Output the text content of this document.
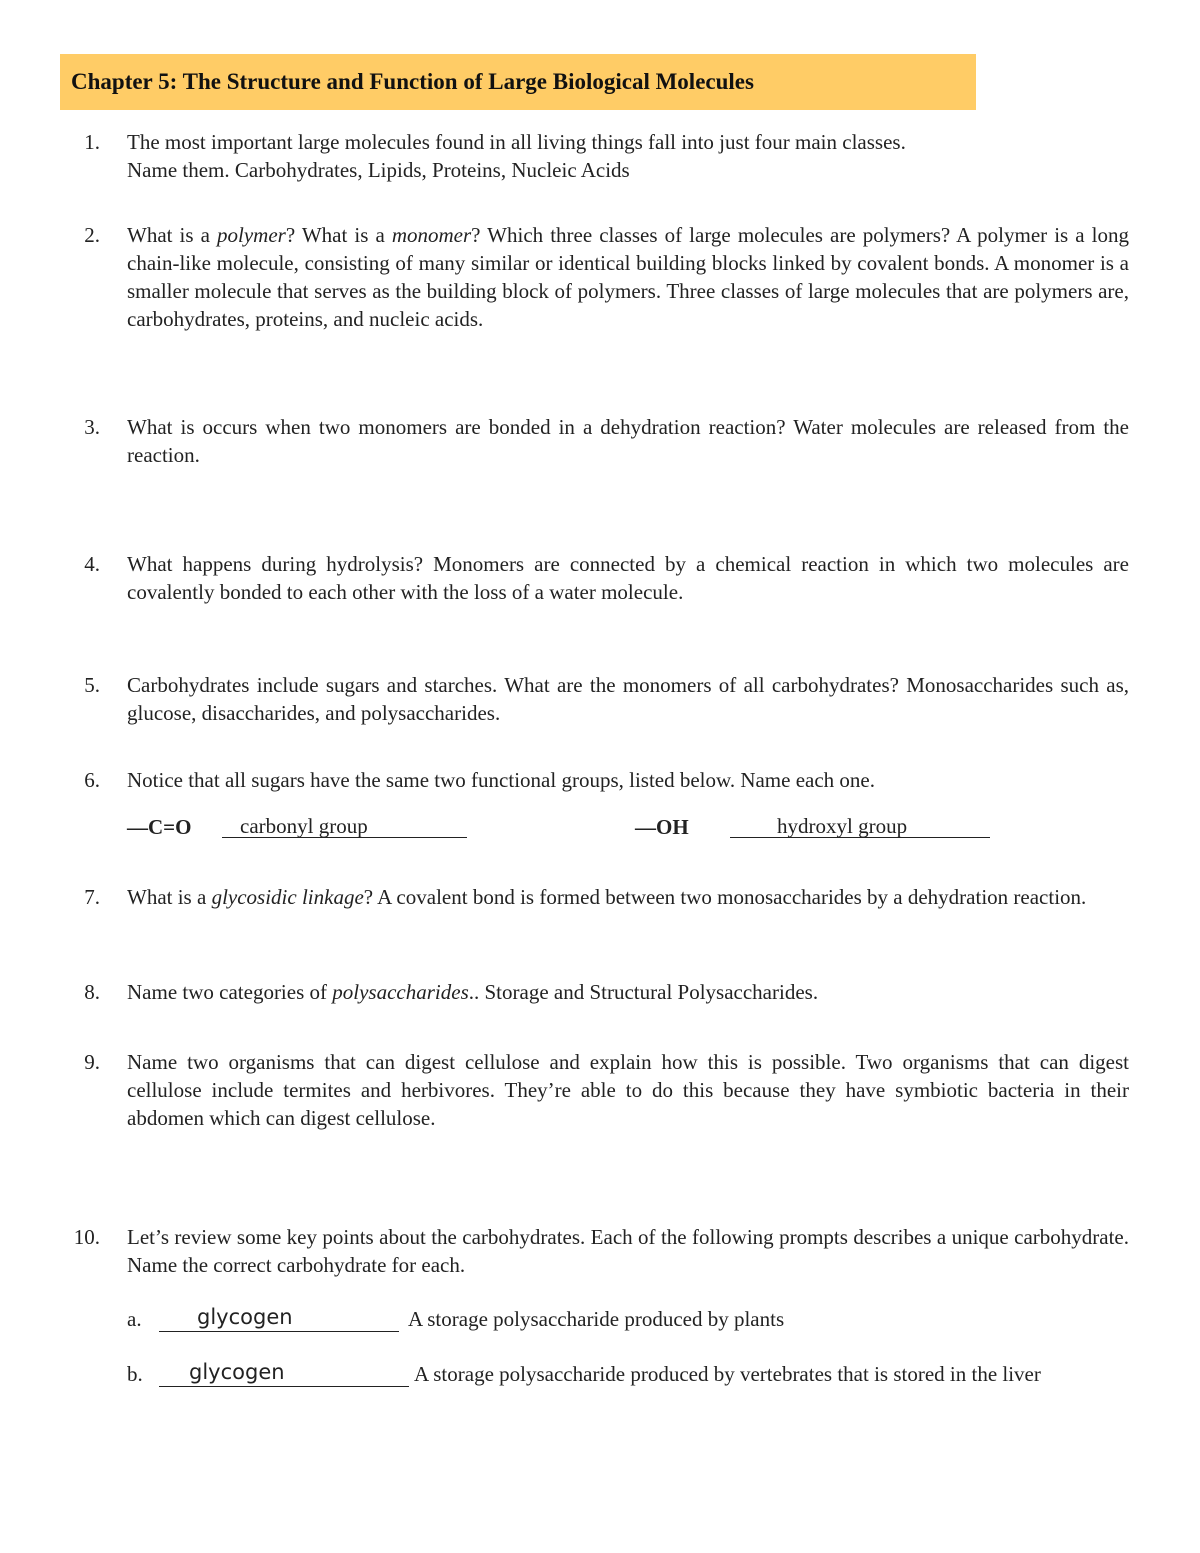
Chapter 5: The Structure and Function of Large Biological Molecules
1. The most important large molecules found in all living things fall into just four main classes. Name them. Carbohydrates, Lipids, Proteins, Nucleic Acids
2. What is a polymer? What is a monomer? Which three classes of large molecules are polymers? A polymer is a long chain-like molecule, consisting of many similar or identical building blocks linked by covalent bonds. A monomer is a smaller molecule that serves as the building block of polymers. Three classes of large molecules that are polymers are, carbohydrates, proteins, and nucleic acids.
3. What is occurs when two monomers are bonded in a dehydration reaction? Water molecules are released from the reaction.
4. What happens during hydrolysis? Monomers are connected by a chemical reaction in which two molecules are covalently bonded to each other with the loss of a water molecule.
5. Carbohydrates include sugars and starches. What are the monomers of all carbohydrates? Monosaccharides such as, glucose, disaccharides, and polysaccharides.
6. Notice that all sugars have the same two functional groups, listed below. Name each one.
—C=O	carbonyl group	—OH	hydroxyl group
7. What is a glycosidic linkage? A covalent bond is formed between two monosaccharides by a dehydration reaction.
8. Name two categories of polysaccharides.. Storage and Structural Polysaccharides.
9. Name two organisms that can digest cellulose and explain how this is possible. Two organisms that can digest cellulose include termites and herbivores. They’re able to do this because they have symbiotic bacteria in their abdomen which can digest cellulose.
10. Let’s review some key points about the carbohydrates. Each of the following prompts describes a unique carbohydrate. Name the correct carbohydrate for each.
a.	glycogen	A storage polysaccharide produced by plants
b.	glycogen	A storage polysaccharide produced by vertebrates that is stored in the liver
